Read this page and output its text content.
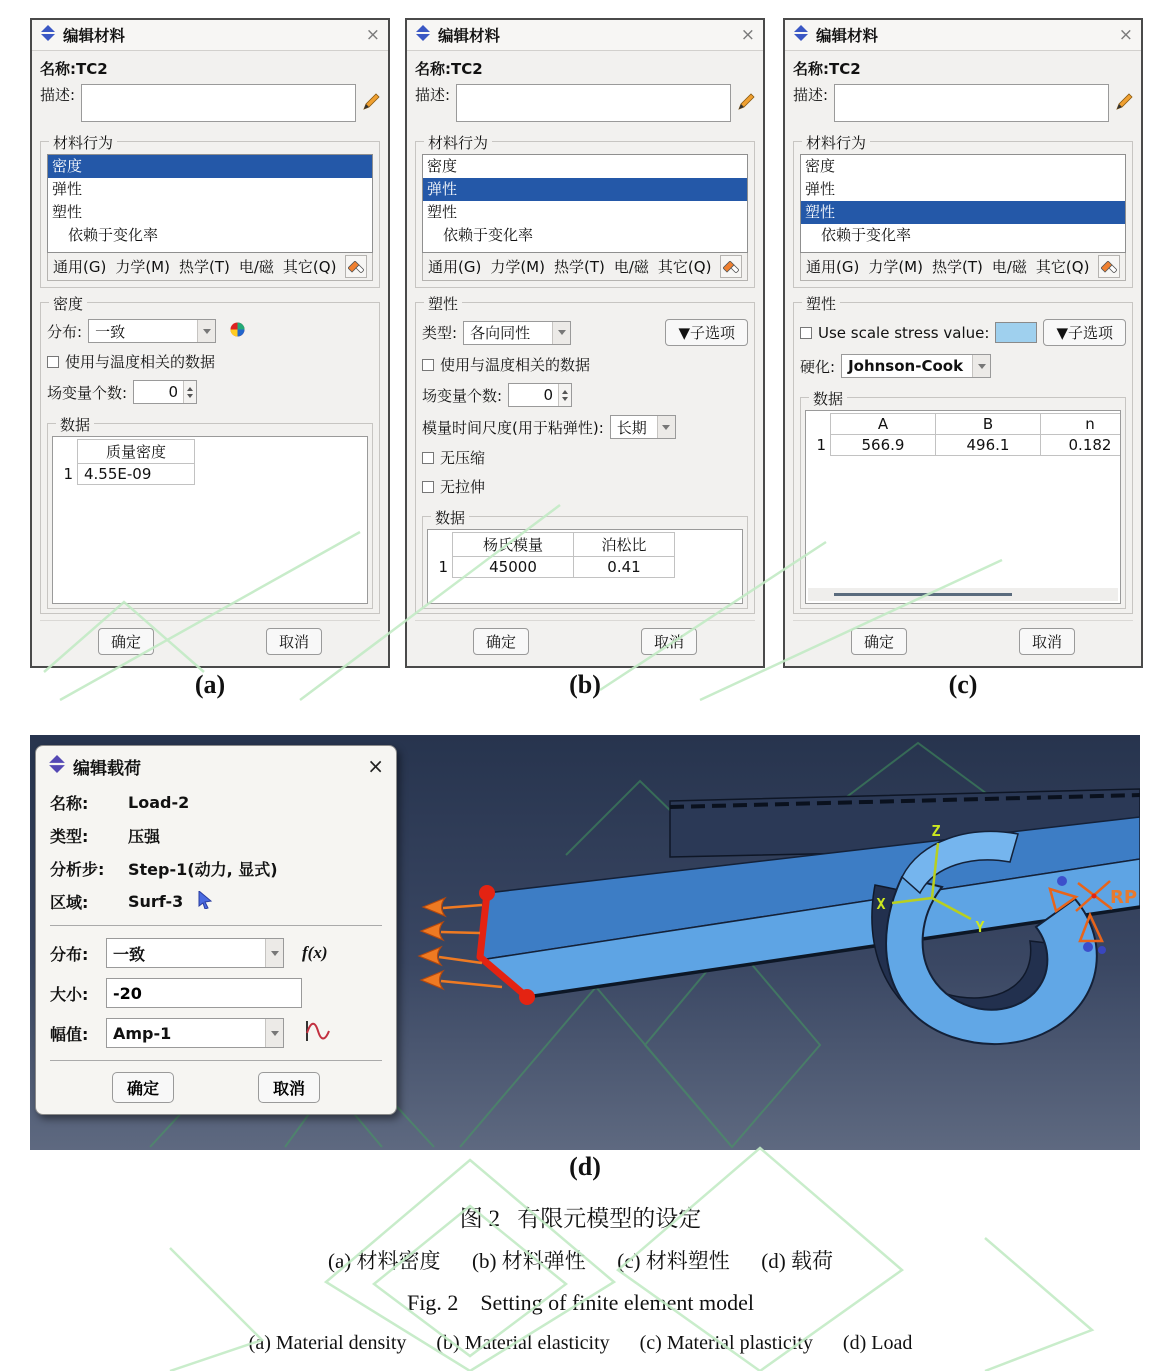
编辑材料	×
名称:TC2
描述:
材料行为
密度
弹性
塑性
依赖于变化率
通用(G) 力学(M) 热学(T) 电/磁 其它(Q)
密度
分布: 一致
使用与温度相关的数据
场变量个数:	0
数据
	质量密度
1	4.55E-09
确定	取消
(a)
编辑材料	×
名称:TC2
描述:
材料行为
密度
弹性
塑性
依赖于变化率
通用(G) 力学(M) 热学(T) 电/磁 其它(Q)
塑性
类型: 各向同性	▼子选项
使用与温度相关的数据
场变量个数:	0
模量时间尺度(用于粘弹性): 长期
无压缩
无拉伸
数据
	杨氏模量	泊松比
1	45000	0.41
确定	取消
(b)
编辑材料	×
名称:TC2
描述:
材料行为
密度
弹性
塑性
依赖于变化率
通用(G) 力学(M) 热学(T) 电/磁 其它(Q)
塑性
Use scale stress value:	▼子选项
硬化: Johnson-Cook
数据
	A	B	n	
1	566.9	496.1	0.182	
确定	取消
(c)
Z
X
Y
RP
编辑载荷	×
名称:	Load-2
类型:	压强
分析步:	Step-1(动力, 显式)
区域:	Surf-3
分布:	一致	f(x)
大小:
-20
幅值:	Amp-1
确定	取消
(d)
图 2   有限元模型的设定
(a) 材料密度      (b) 材料弹性      (c) 材料塑性      (d) 载荷
Fig. 2    Setting of finite element model
(a) Material density      (b) Material elasticity      (c) Material plasticity      (d) Load
